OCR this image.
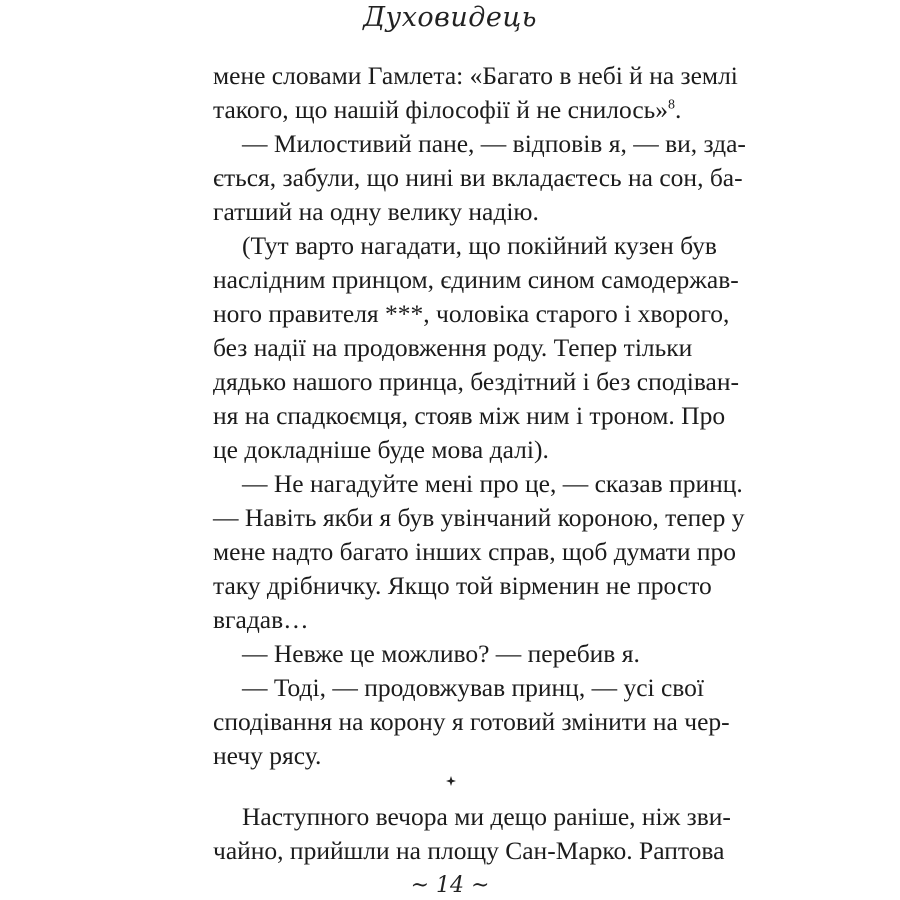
Духовидець
мене словами Гамлета: «Багато в небі й на землі
такого, що нашій філософії й не снилось»$^8$.
— Милостивий пане, — відповів я, — ви, зда-
ється, забули, що нині ви вкладаєтесь на сон, ба-
гатший на одну велику надію.
(Тут варто нагадати, що покійний кузен був
наслідним принцом, єдиним сином самодержав-
ного правителя ***, чоловіка старого і хворого,
без надії на продовження роду. Тепер тільки
дядько нашого принца, бездітний і без сподіван-
ня на спадкоємця, стояв між ним і троном. Про
це докладніше буде мова далі).
— Не нагадуйте мені про це, — сказав принц.
— Навіть якби я був увінчаний короною, тепер у
мене надто багато інших справ, щоб думати про
таку дрібничку. Якщо той вірменин не просто
вгадав…
— Невже це можливо? — перебив я.
— Тоді, — продовжував принц, — усі свої
сподівання на корону я готовий змінити на чер-
нечу рясу.
Наступного вечора ми дещо раніше, ніж зви-
чайно, прийшли на площу Сан-Марко. Раптова
~ 14 ~
